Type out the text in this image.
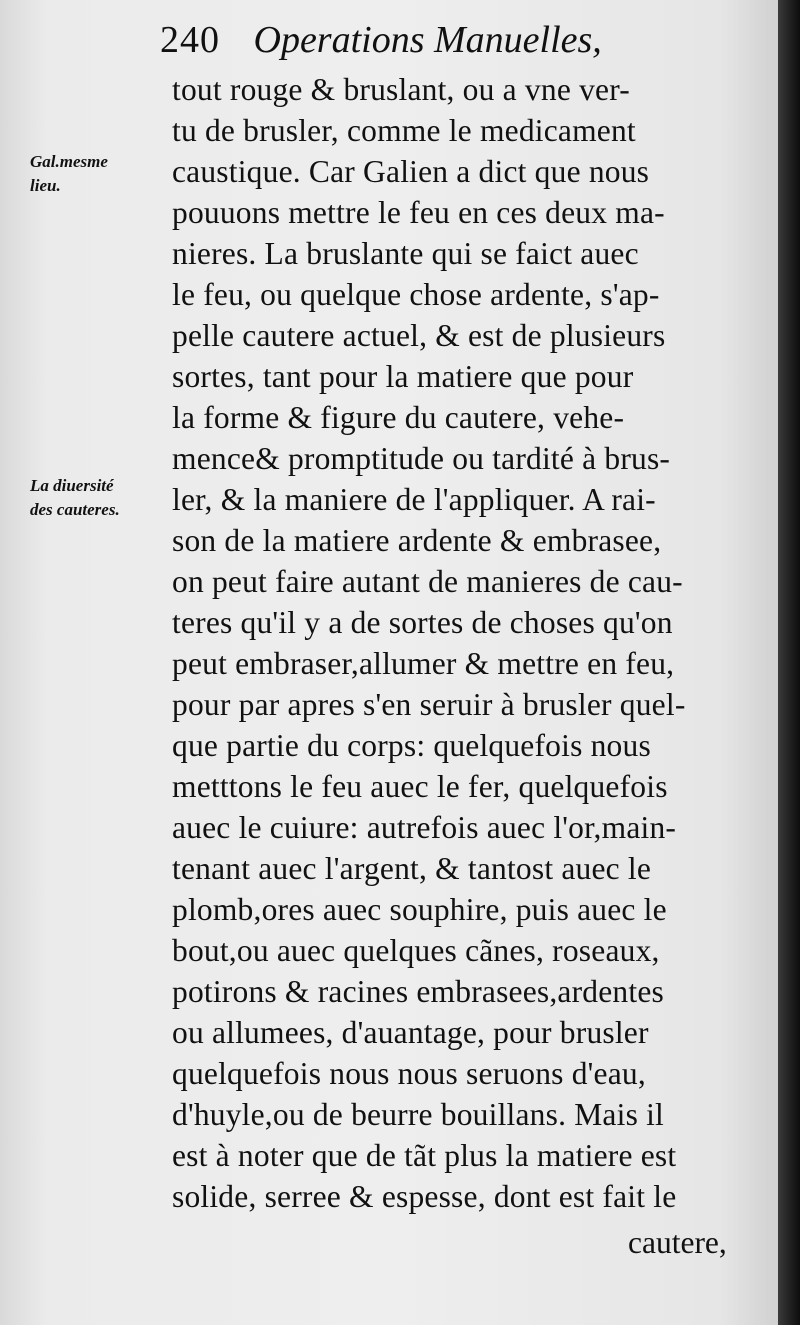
240 Operations Manuelles,
Gal.mesme
lieu.
La diuersité
des cauteres.
tout rouge & bruslant, ou a vne ver-
tu de brusler, comme le medicament
caustique. Car Galien a dict que nous
pouuons mettre le feu en ces deux ma-
nieres. La bruslante qui se faict auec
le feu, ou quelque chose ardente, s'ap-
pelle cautere actuel, & est de plusieurs
sortes, tant pour la matiere que pour
la forme & figure du cautere, vehe-
mence& promptitude ou tardité à brus-
ler, & la maniere de l'appliquer. A rai-
son de la matiere ardente & embrasee,
on peut faire autant de manieres de cau-
teres qu'il y a de sortes de choses qu'on
peut embraser,allumer & mettre en feu,
pour par apres s'en seruir à brusler quel-
que partie du corps: quelquefois nous
metttons le feu auec le fer, quelquefois
auec le cuiure: autrefois auec l'or,main-
tenant auec l'argent, & tantost auec le
plomb,ores auec souphire, puis auec le
bout,ou auec quelques cãnes, roseaux,
potirons & racines embrasees,ardentes
ou allumees, d'auantage, pour brusler
quelquefois nous nous seruons d'eau,
d'huyle,ou de beurre bouillans. Mais il
est à noter que de tãt plus la matiere est
solide, serree & espesse, dont est fait le
cautere,
